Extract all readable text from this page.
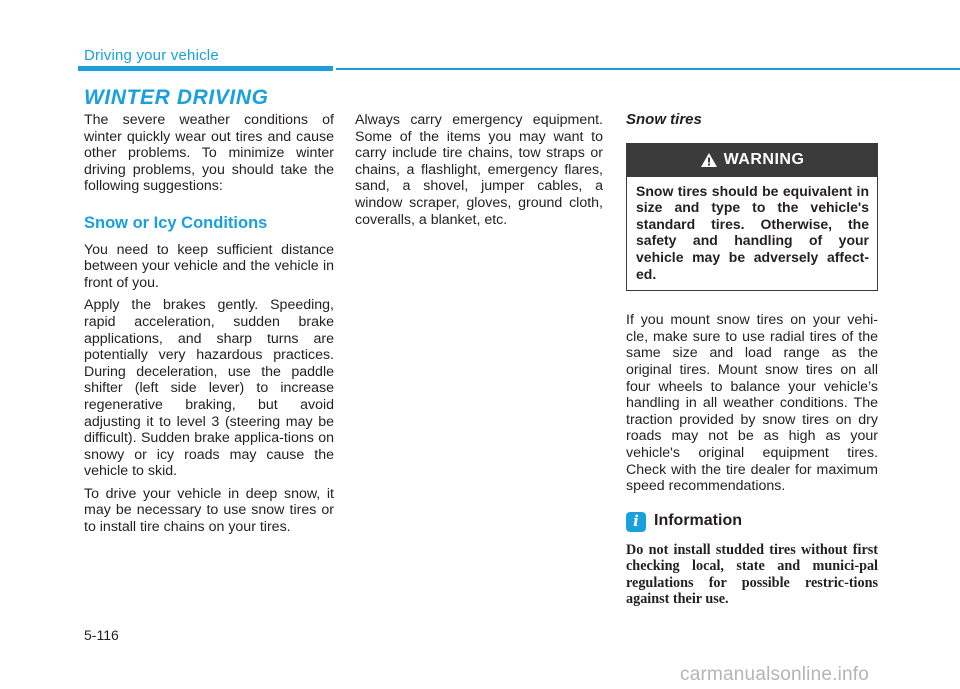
Driving your vehicle
WINTER DRIVING

The severe weather conditions of winter quickly wear out tires and cause other problems. To minimize winter driving problems, you should take the following suggestions:

Snow or Icy Conditions

You need to keep sufficient distance between your vehicle and the vehicle in front of you.

Apply the brakes gently. Speeding, rapid acceleration, sudden brake applications, and sharp turns are potentially very hazardous practices. During deceleration, use the paddle shifter (left side lever) to increase regenerative braking, but avoid adjusting it to level 3 (steering may be difficult). Sudden brake applica-tions on snowy or icy roads may cause the vehicle to skid.

To drive your vehicle in deep snow, it may be necessary to use snow tires or to install tire chains on your tires.

Always carry emergency equipment. Some of the items you may want to carry include tire chains, tow straps or chains, a flashlight, emergency flares, sand, a shovel, jumper cables, a window scraper, gloves, ground cloth, coveralls, a blanket, etc.

Snow tires
WARNING
Snow tires should be equivalent in size and type to the vehicle's standard tires. Otherwise, the safety and handling of your vehicle may be adversely affect-ed.

If you mount snow tires on your vehi-cle, make sure to use radial tires of the same size and load range as the original tires. Mount snow tires on all four wheels to balance your vehicle’s handling in all weather conditions. The traction provided by snow tires on dry roads may not be as high as your vehicle's original equipment tires. Check with the tire dealer for maximum speed recommendations.

i Information

Do not install studded tires without first checking local, state and munici-pal regulations for possible restric-tions against their use.

5-116
carmanualsonline.info
